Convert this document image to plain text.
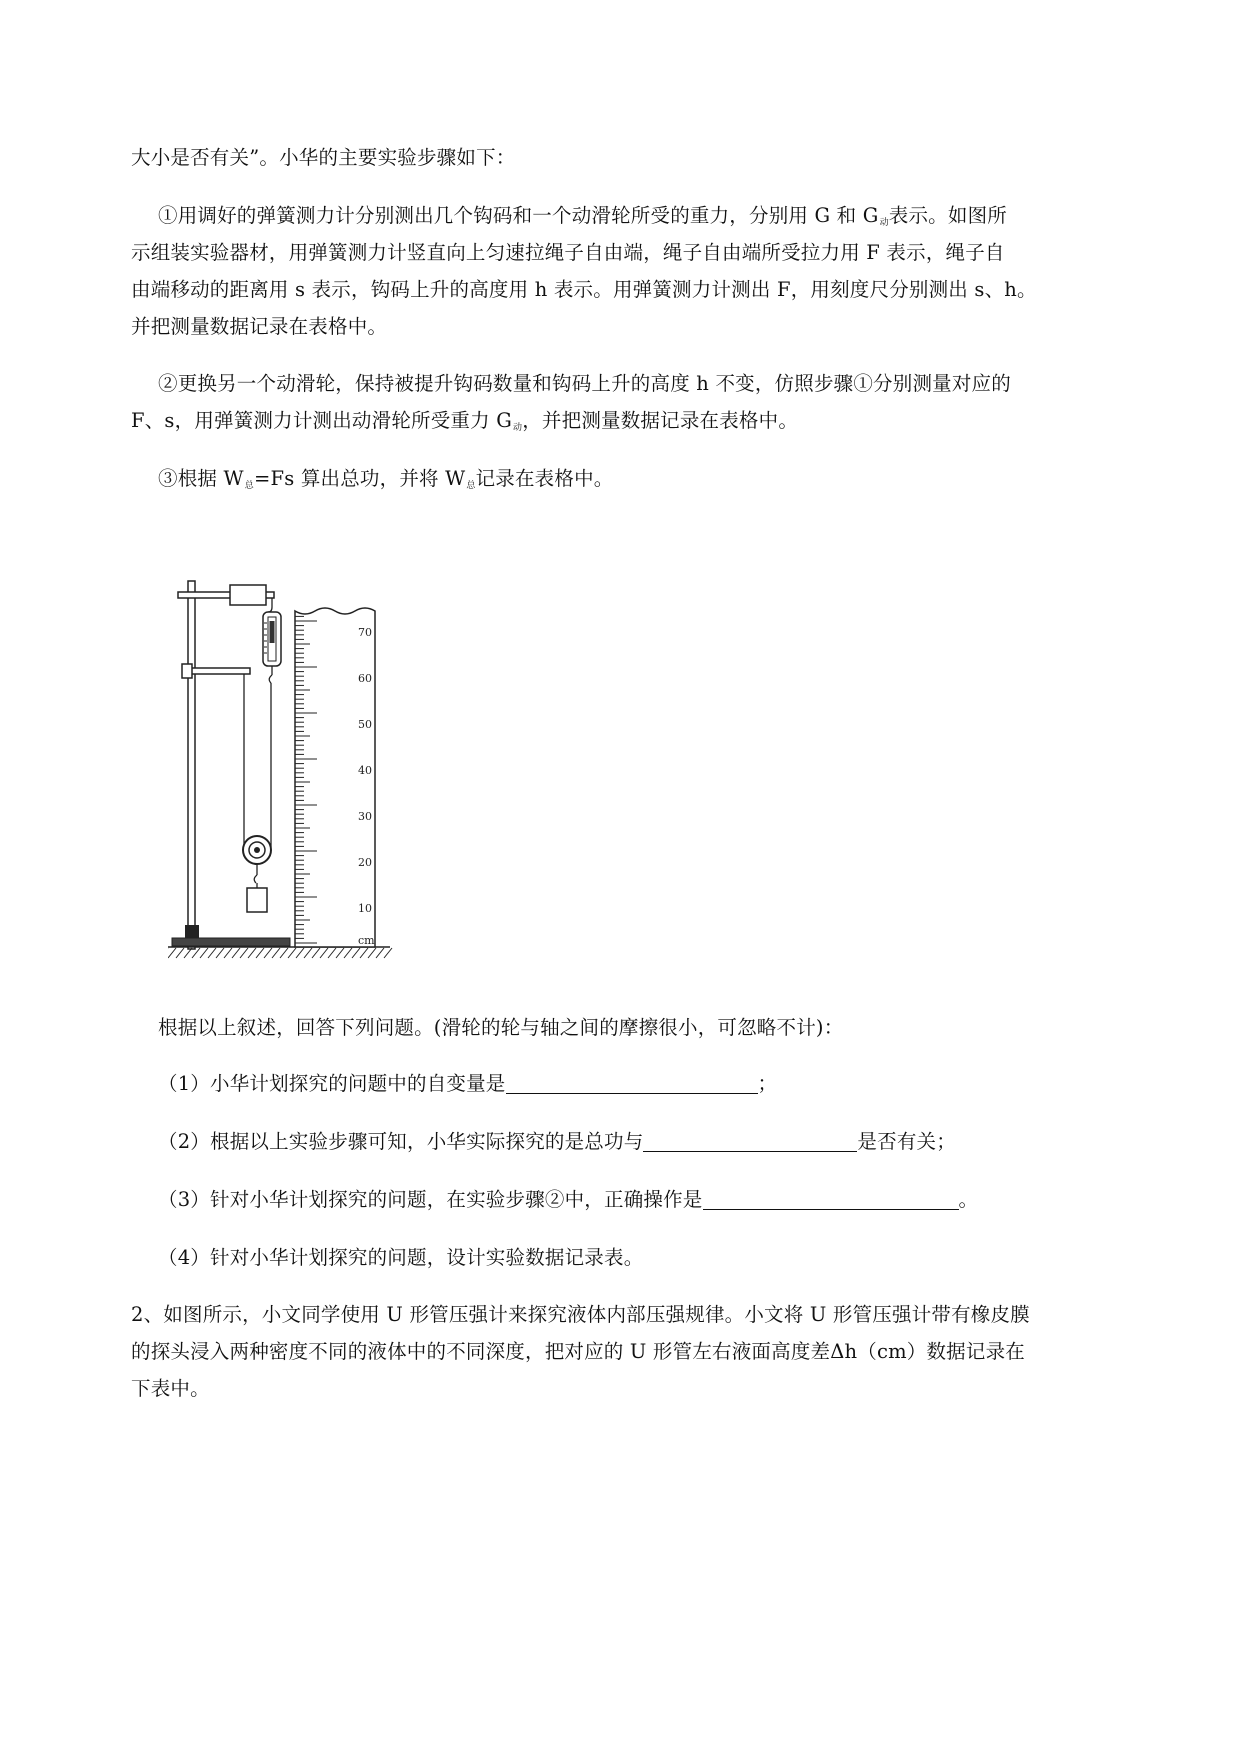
大小是否有关”。小华的主要实验步骤如下：
①用调好的弹簧测力计分别测出几个钩码和一个动滑轮所受的重力，分别用 G 和 $G_动$表示。如图所
示组装实验器材，用弹簧测力计竖直向上匀速拉绳子自由端，绳子自由端所受拉力用 F 表示，绳子自
由端移动的距离用 s 表示，钩码上升的高度用 h 表示。用弹簧测力计测出 F，用刻度尺分别测出 s、h。
并把测量数据记录在表格中。
②更换另一个动滑轮，保持被提升钩码数量和钩码上升的高度 h 不变，仿照步骤①分别测量对应的
F、s，用弹簧测力计测出动滑轮所受重力 $G_动$，并把测量数据记录在表格中。
③根据 $W_总=Fs$ 算出总功，并将 $W_总$记录在表格中。
70
60
50
40
30
20
10
cm
根据以上叙述，回答下列问题。(滑轮的轮与轴之间的摩擦很小，可忽略不计)：
（1）小华计划探究的问题中的自变量是	；
（2）根据以上实验步骤可知，小华实际探究的是总功与	是否有关；
（3）针对小华计划探究的问题，在实验步骤②中，正确操作是	。
（4）针对小华计划探究的问题，设计实验数据记录表。
2、如图所示，小文同学使用 U 形管压强计来探究液体内部压强规律。小文将 U 形管压强计带有橡皮膜
的探头浸入两种密度不同的液体中的不同深度，把对应的 U 形管左右液面高度差Δh（cm）数据记录在
下表中。
